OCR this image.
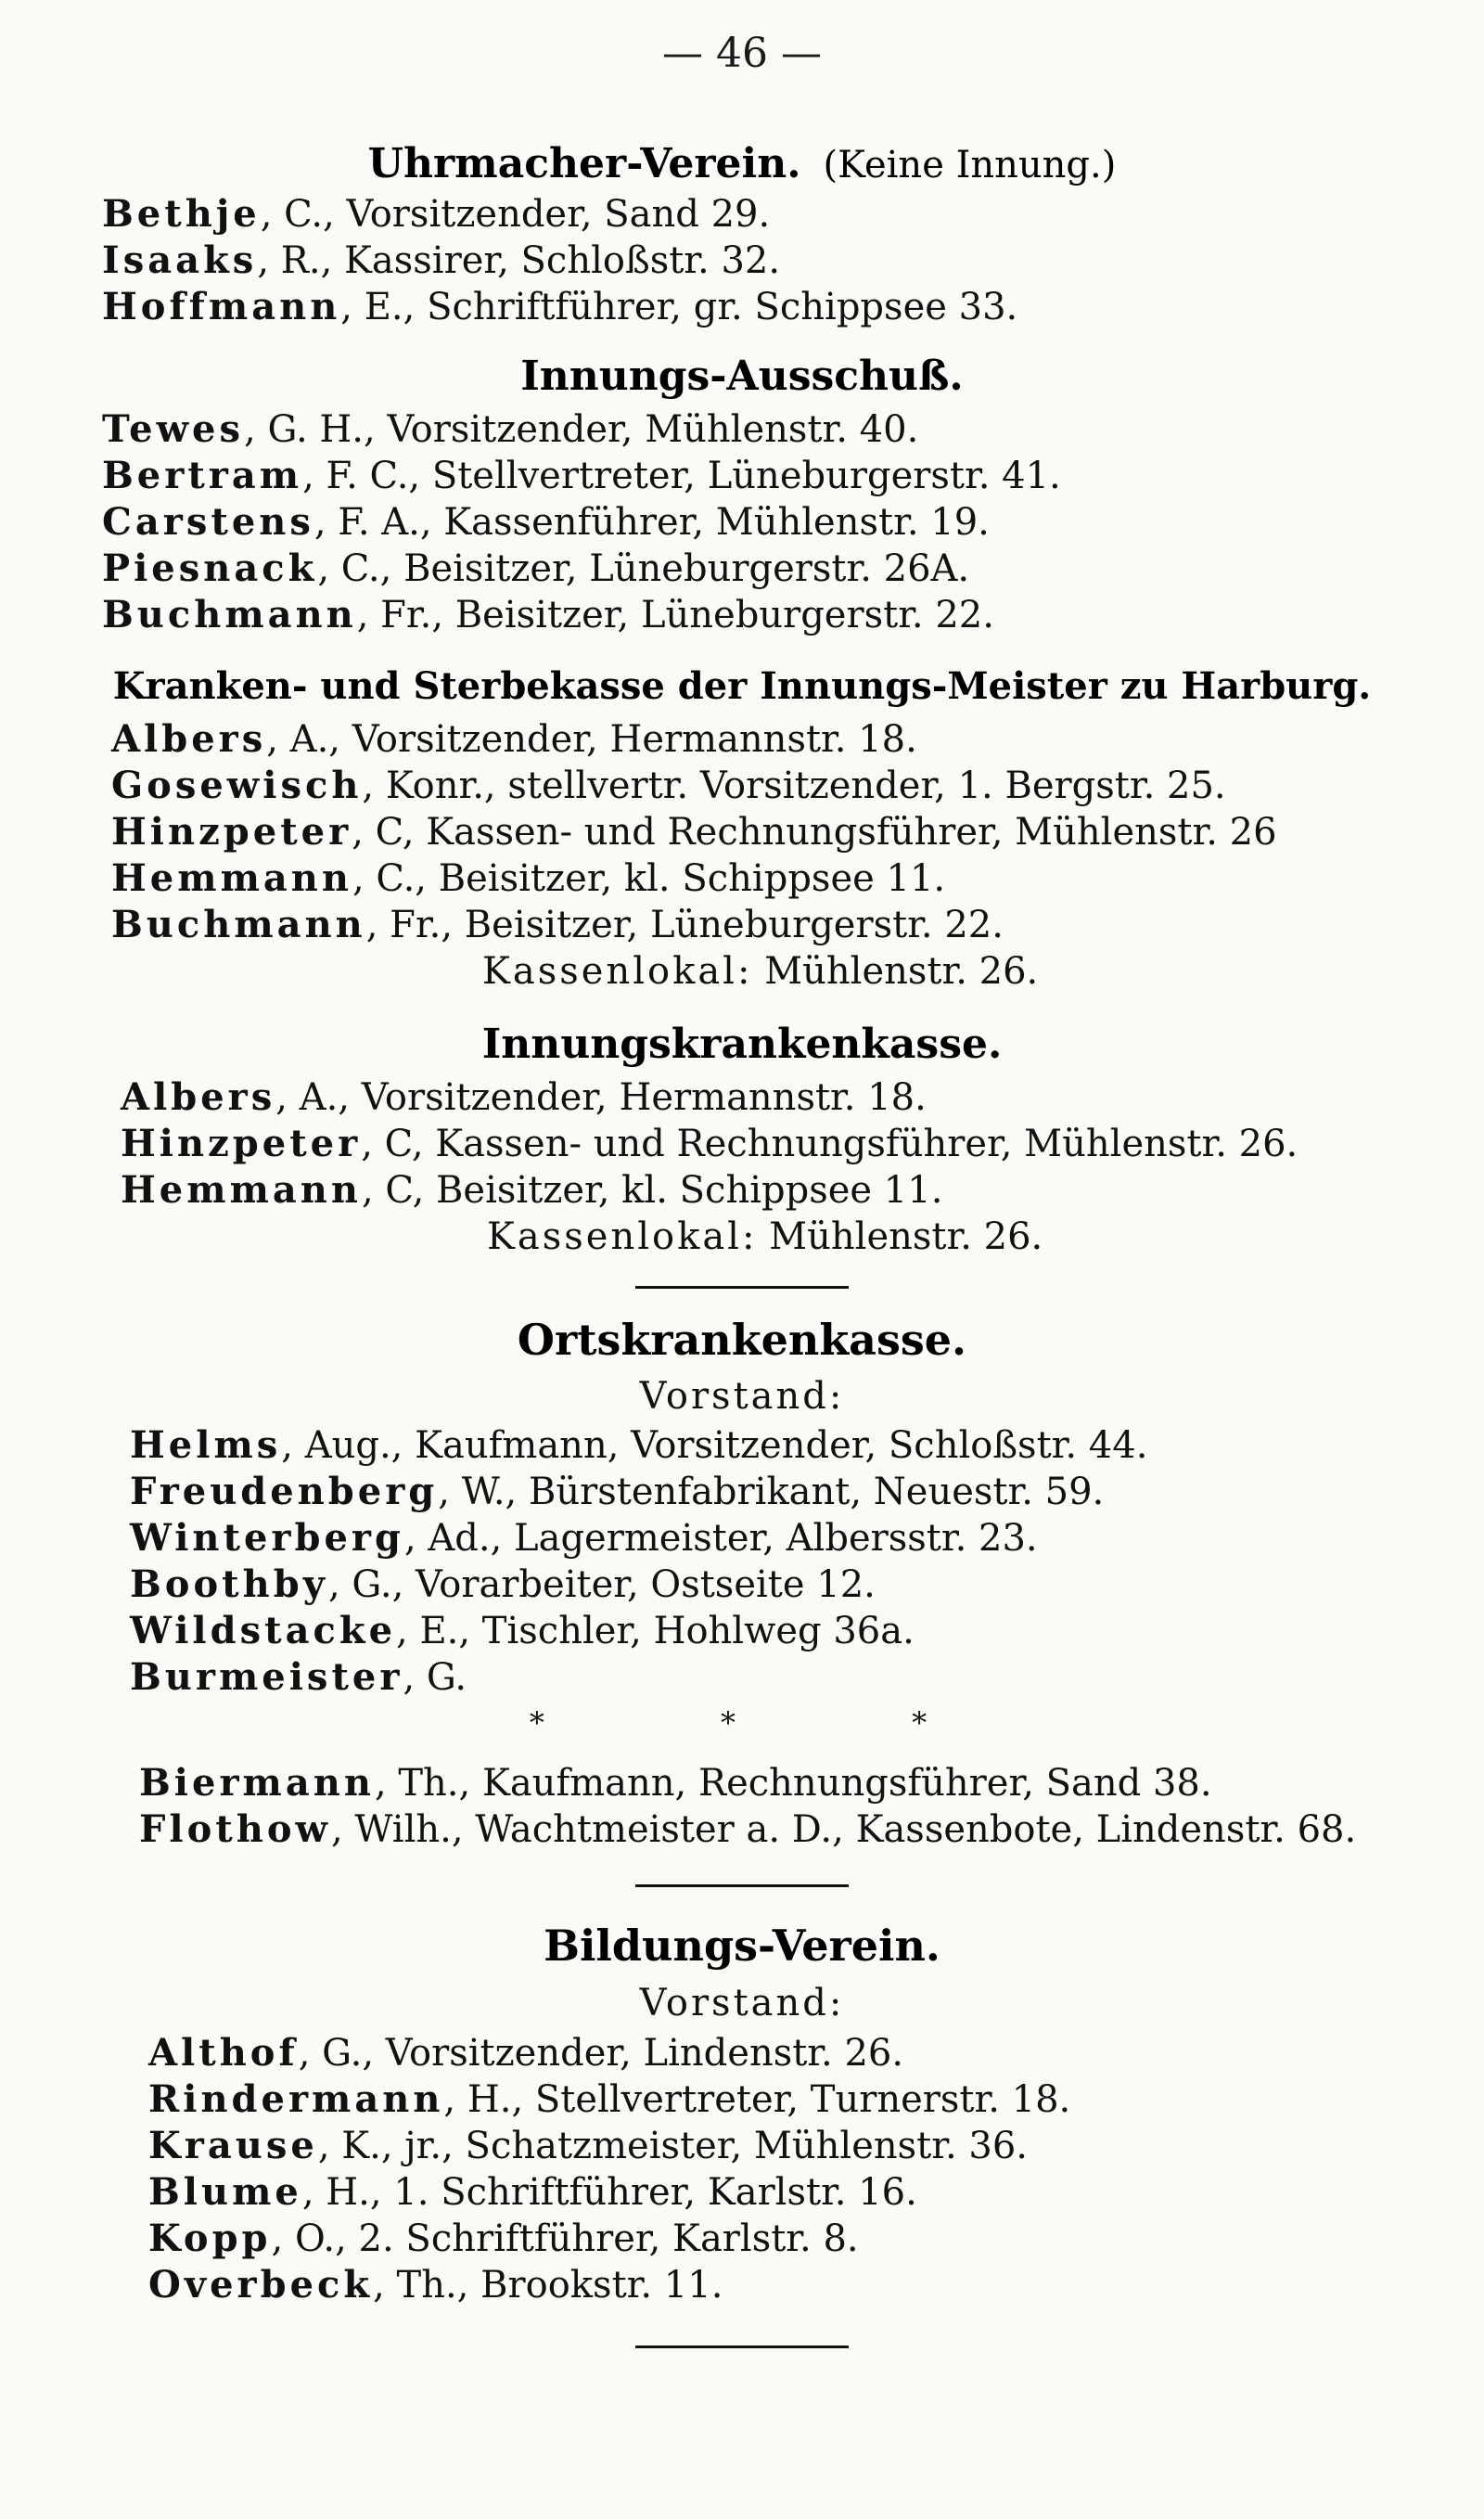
— 46 —
Uhrmacher-Verein. (Keine Innung.)
Bethje, C., Vorsitzender, Sand 29.
Isaaks, R., Kassirer, Schloßstr. 32.
Hoffmann, E., Schriftführer, gr. Schippsee 33.
Innungs-Ausschuß.
Tewes, G. H., Vorsitzender, Mühlenstr. 40.
Bertram, F. C., Stellvertreter, Lüneburgerstr. 41.
Carstens, F. A., Kassenführer, Mühlenstr. 19.
Piesnack, C., Beisitzer, Lüneburgerstr. 26A.
Buchmann, Fr., Beisitzer, Lüneburgerstr. 22.
Kranken- und Sterbekasse der Innungs-Meister zu Harburg.
Albers, A., Vorsitzender, Hermannstr. 18.
Gosewisch, Konr., stellvertr. Vorsitzender, 1. Bergstr. 25.
Hinzpeter, C, Kassen- und Rechnungsführer, Mühlenstr. 26
Hemmann, C., Beisitzer, kl. Schippsee 11.
Buchmann, Fr., Beisitzer, Lüneburgerstr. 22.
Kassenlokal: Mühlenstr. 26.
Innungskrankenkasse.
Albers, A., Vorsitzender, Hermannstr. 18.
Hinzpeter, C, Kassen- und Rechnungsführer, Mühlenstr. 26.
Hemmann, C, Beisitzer, kl. Schippsee 11.
Kassenlokal: Mühlenstr. 26.
Ortskrankenkasse.
Vorstand:
Helms, Aug., Kaufmann, Vorsitzender, Schloßstr. 44.
Freudenberg, W., Bürstenfabrikant, Neuestr. 59.
Winterberg, Ad., Lagermeister, Albersstr. 23.
Boothby, G., Vorarbeiter, Ostseite 12.
Wildstacke, E., Tischler, Hohlweg 36a.
Burmeister, G.
* * *
Biermann, Th., Kaufmann, Rechnungsführer, Sand 38.
Flothow, Wilh., Wachtmeister a. D., Kassenbote, Lindenstr. 68.
Bildungs-Verein.
Vorstand:
Althof, G., Vorsitzender, Lindenstr. 26.
Rindermann, H., Stellvertreter, Turnerstr. 18.
Krause, K., jr., Schatzmeister, Mühlenstr. 36.
Blume, H., 1. Schriftführer, Karlstr. 16.
Kopp, O., 2. Schriftführer, Karlstr. 8.
Overbeck, Th., Brookstr. 11.
